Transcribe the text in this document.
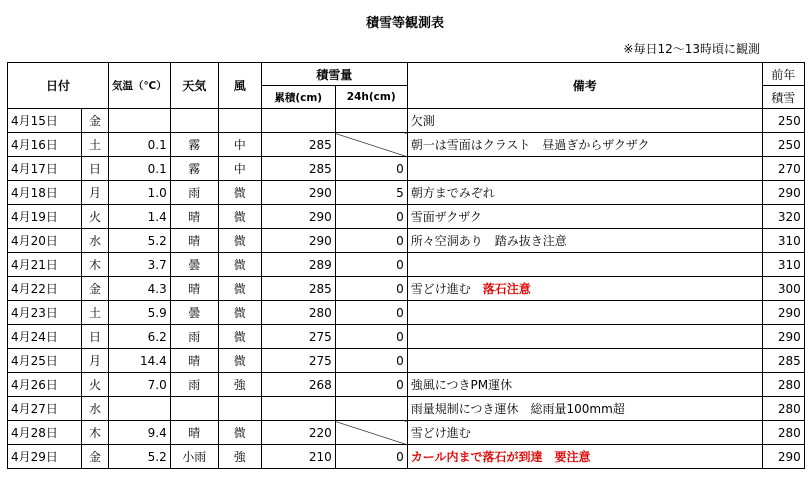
積雪等観測表
※毎日12〜13時頃に観測
日付		気温（℃）	天気	風	積雪量		備考	前年
					累積(cm)	24h(cm)		積雪
4月15日	金						欠測	250
4月16日	土	0.1	霧	中	285		朝一は雪面はクラスト　昼過ぎからザクザク	250
4月17日	日	0.1	霧	中	285	0		270
4月18日	月	1.0	雨	微	290	5	朝方までみぞれ	290
4月19日	火	1.4	晴	微	290	0	雪面ザクザク	320
4月20日	水	5.2	晴	微	290	0	所々空洞あり　踏み抜き注意	310
4月21日	木	3.7	曇	微	289	0		310
4月22日	金	4.3	晴	微	285	0	雪どけ進む　落石注意	300
4月23日	土	5.9	曇	微	280	0		290
4月24日	日	6.2	雨	微	275	0		290
4月25日	月	14.4	晴	微	275	0		285
4月26日	火	7.0	雨	強	268	0	強風につきPM運休	280
4月27日	水						雨量規制につき運休　総雨量100mm超	280
4月28日	木	9.4	晴	微	220		雪どけ進む	280
4月29日	金	5.2	小雨	強	210	0	カール内まで落石が到達　要注意	290
